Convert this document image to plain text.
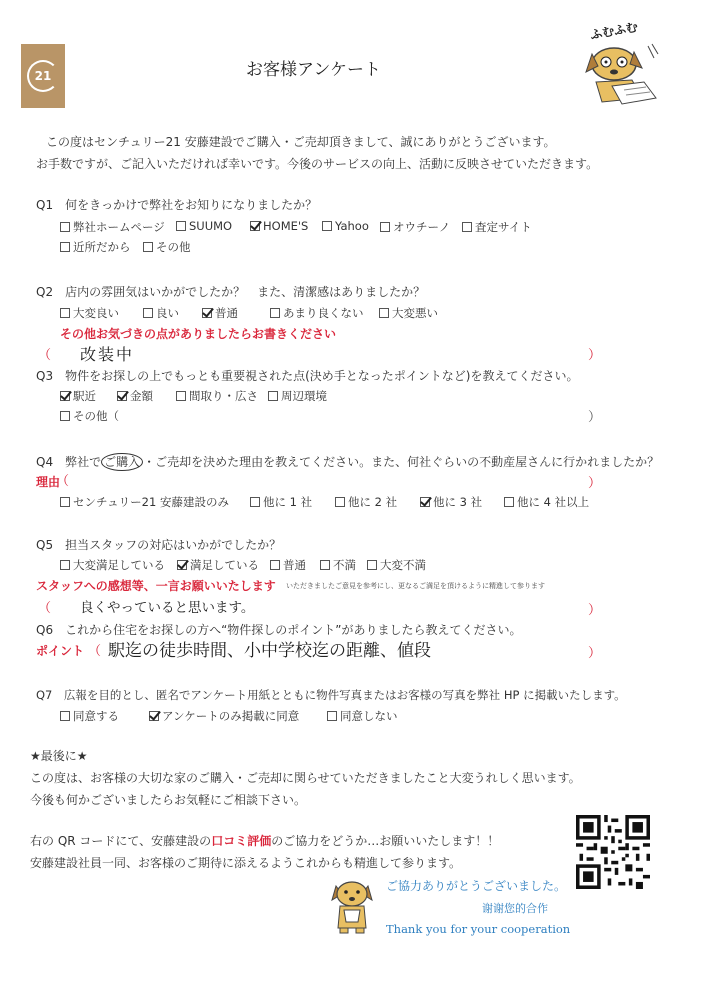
21	お客様アンケート
ふむふむ
この度はセンチュリー21 安藤建設でご購入・ご売却頂きまして、誠にありがとうございます。
お手数ですが、ご記入いただければ幸いです。今後のサービスの向上、活動に反映させていただきます。
Q1　何をきっかけで弊社をお知りになりましたか？
弊社ホームページ SUUMO	HOME'S Yahoo オウチーノ 査定サイト
近所だから その他
Q2　店内の雰囲気はいかがでしたか？　また、清潔感はありましたか？
大変良い	良い	普通	あまり良くない 大変悪い
その他お気づきの点がありましたらお書きください
（ 改装中	）
Q3　物件をお探しの上でもっとも重要視された点(決め手となったポイントなど)を教えてください。
駅近	金額	間取り・広さ 周辺環境
その他（	）
Q4　弊社で ご購入 ・ご売却を決めた理由を教えてください。また、何社ぐらいの不動産屋さんに行かれましたか？
理由
（	）
センチュリー21 安藤建設のみ	他に 1 社	他に 2 社	他に 3 社	他に 4 社以上
Q5　担当スタッフの対応はいかがでしたか？
大変満足している 満足している 普通 不満 大変不満
スタッフへの感想等、一言お願いいたします いただきましたご意見を参考にし、更なるご満足を頂けるように精進して参ります
（ 良くやっていると思います。	）
Q6　これから住宅をお探しの方へ“物件探しのポイント”がありましたら教えてください。
ポイント （ 駅迄の徒歩時間、小中学校迄の距離、値段	）
Q7　広報を目的とし、匿名でアンケート用紙とともに物件写真またはお客様の写真を弊社 HP に掲載いたします。
同意する	アンケートのみ掲載に同意	同意しない
★最後に★
この度は、お客様の大切な家のご購入・ご売却に関らせていただきましたこと大変うれしく思います。
今後も何かございましたらお気軽にご相談下さい。
右の QR コードにて、安藤建設の口コミ評価のご協力をどうか…お願いいたします！！
安藤建設社員一同、お客様のご期待に添えるようこれからも精進して参ります。
ご協力ありがとうございました。
谢谢您的合作
Thank you for your cooperation
